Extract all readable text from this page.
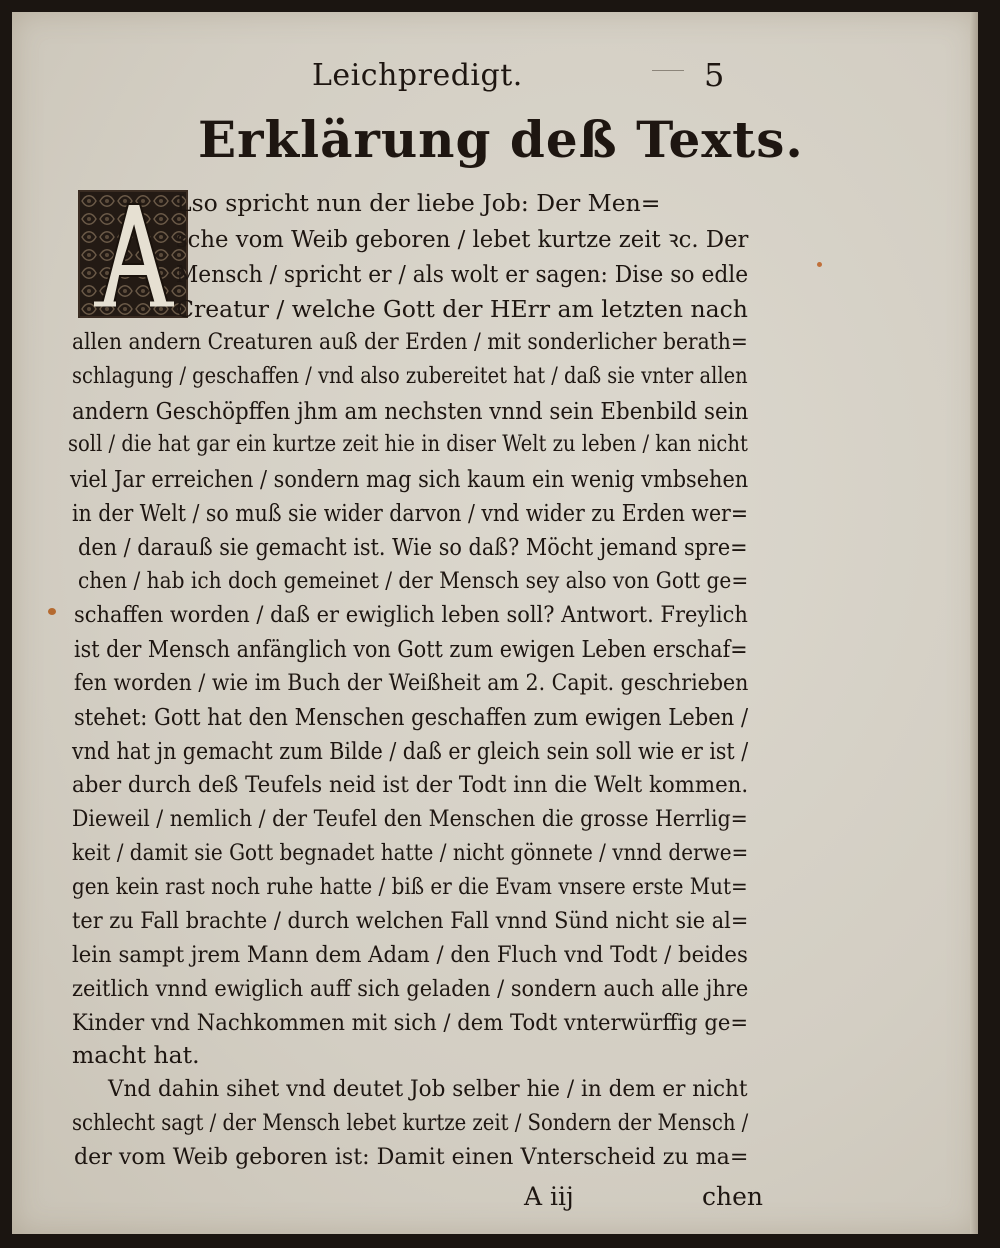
Leichpredigt.	5
Erklärung deß Texts.
Lso spricht nun der liebe Job: Der Men=
sche vom Weib geboren / lebet kurtze zeit ꝛc. Der
Mensch / spricht er / als wolt er sagen: Dise so edle
Creatur / welche Gott der HErr am letzten nach
allen andern Creaturen auß der Erden / mit sonderlicher berath=
schlagung / geschaffen / vnd also zubereitet hat / daß sie vnter allen
andern Geschöpffen jhm am nechsten vnnd sein Ebenbild sein
soll / die hat gar ein kurtze zeit hie in diser Welt zu leben / kan nicht
viel Jar erreichen / sondern mag sich kaum ein wenig vmbsehen
in der Welt / so muß sie wider darvon / vnd wider zu Erden wer=
den / darauß sie gemacht ist. Wie so daß? Möcht jemand spre=
chen / hab ich doch gemeinet / der Mensch sey also von Gott ge=
schaffen worden / daß er ewiglich leben soll? Antwort. Freylich
ist der Mensch anfänglich von Gott zum ewigen Leben erschaf=
fen worden / wie im Buch der Weißheit am 2. Capit. geschrieben
stehet: Gott hat den Menschen geschaffen zum ewigen Leben /
vnd hat jn gemacht zum Bilde / daß er gleich sein soll wie er ist /
aber durch deß Teufels neid ist der Todt inn die Welt kommen.
Dieweil / nemlich / der Teufel den Menschen die grosse Herrlig=
keit / damit sie Gott begnadet hatte / nicht gönnete / vnnd derwe=
gen kein rast noch ruhe hatte / biß er die Evam vnsere erste Mut=
ter zu Fall brachte / durch welchen Fall vnnd Sünd nicht sie al=
lein sampt jrem Mann dem Adam / den Fluch vnd Todt / beides
zeitlich vnnd ewiglich auff sich geladen / sondern auch alle jhre
Kinder vnd Nachkommen mit sich / dem Todt vnterwürffig ge=
macht hat.
Vnd dahin sihet vnd deutet Job selber hie / in dem er nicht
schlecht sagt / der Mensch lebet kurtze zeit / Sondern der Mensch /
der vom Weib geboren ist: Damit einen Vnterscheid zu ma=
A iij	chen
